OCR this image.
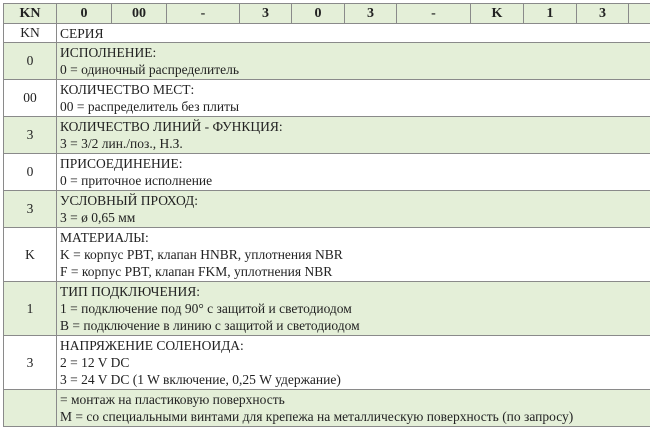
KN	0	00	-	3	0	3	-	K	1	3	
KN	СЕРИЯ										
0	ИСПОЛНЕНИЕ:
0 = одиночный распределитель										

00	КОЛИЧЕСТВО МЕСТ:
00 = распределитель без плиты										

3	КОЛИЧЕСТВО ЛИНИЙ - ФУНКЦИЯ:
3 = 3/2 лин./поз., Н.З.										

0	ПРИСОЕДИНЕНИЕ:
0 = приточное исполнение										

3	УСЛОВНЫЙ ПРОХОД:
3 = ø 0,65 мм										

K	МАТЕРИАЛЫ:
K = корпус PBT, клапан HNBR, уплотнения NBR
F = корпус PBT, клапан FKM, уплотнения NBR										

1	ТИП ПОДКЛЮЧЕНИЯ:
1 = подключение под 90° с защитой и светодиодом
B = подключение в линию с защитой и светодиодом										

3	НАПРЯЖЕНИЕ СОЛЕНОИДА:
2 = 12 V DC
3 = 24 V DC (1 W включение, 0,25 W удержание)										

	= монтаж на пластиковую поверхность
M = со специальными винтами для крепежа на металлическую поверхность (по запросу)										
